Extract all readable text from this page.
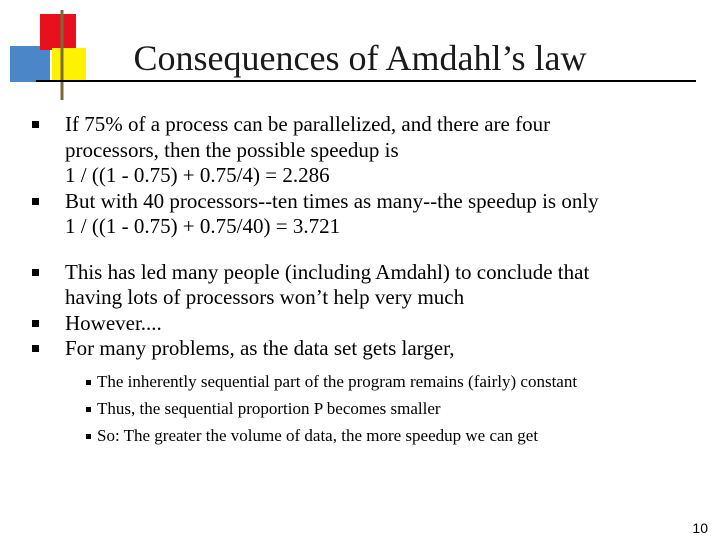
Consequences of Amdahl’s law
If 75% of a process can be parallelized, and there are four
processors, then the possible speedup is
1 / ((1 - 0.75) + 0.75/4) = 2.286
But with 40 processors--ten times as many--the speedup is only
1 / ((1 - 0.75) + 0.75/40) = 3.721
This has led many people (including Amdahl) to conclude that
having lots of processors won’t help very much
However....
For many problems, as the data set gets larger,
The inherently sequential part of the program remains (fairly) constant
Thus, the sequential proportion P becomes smaller
So: The greater the volume of data, the more speedup we can get
10
